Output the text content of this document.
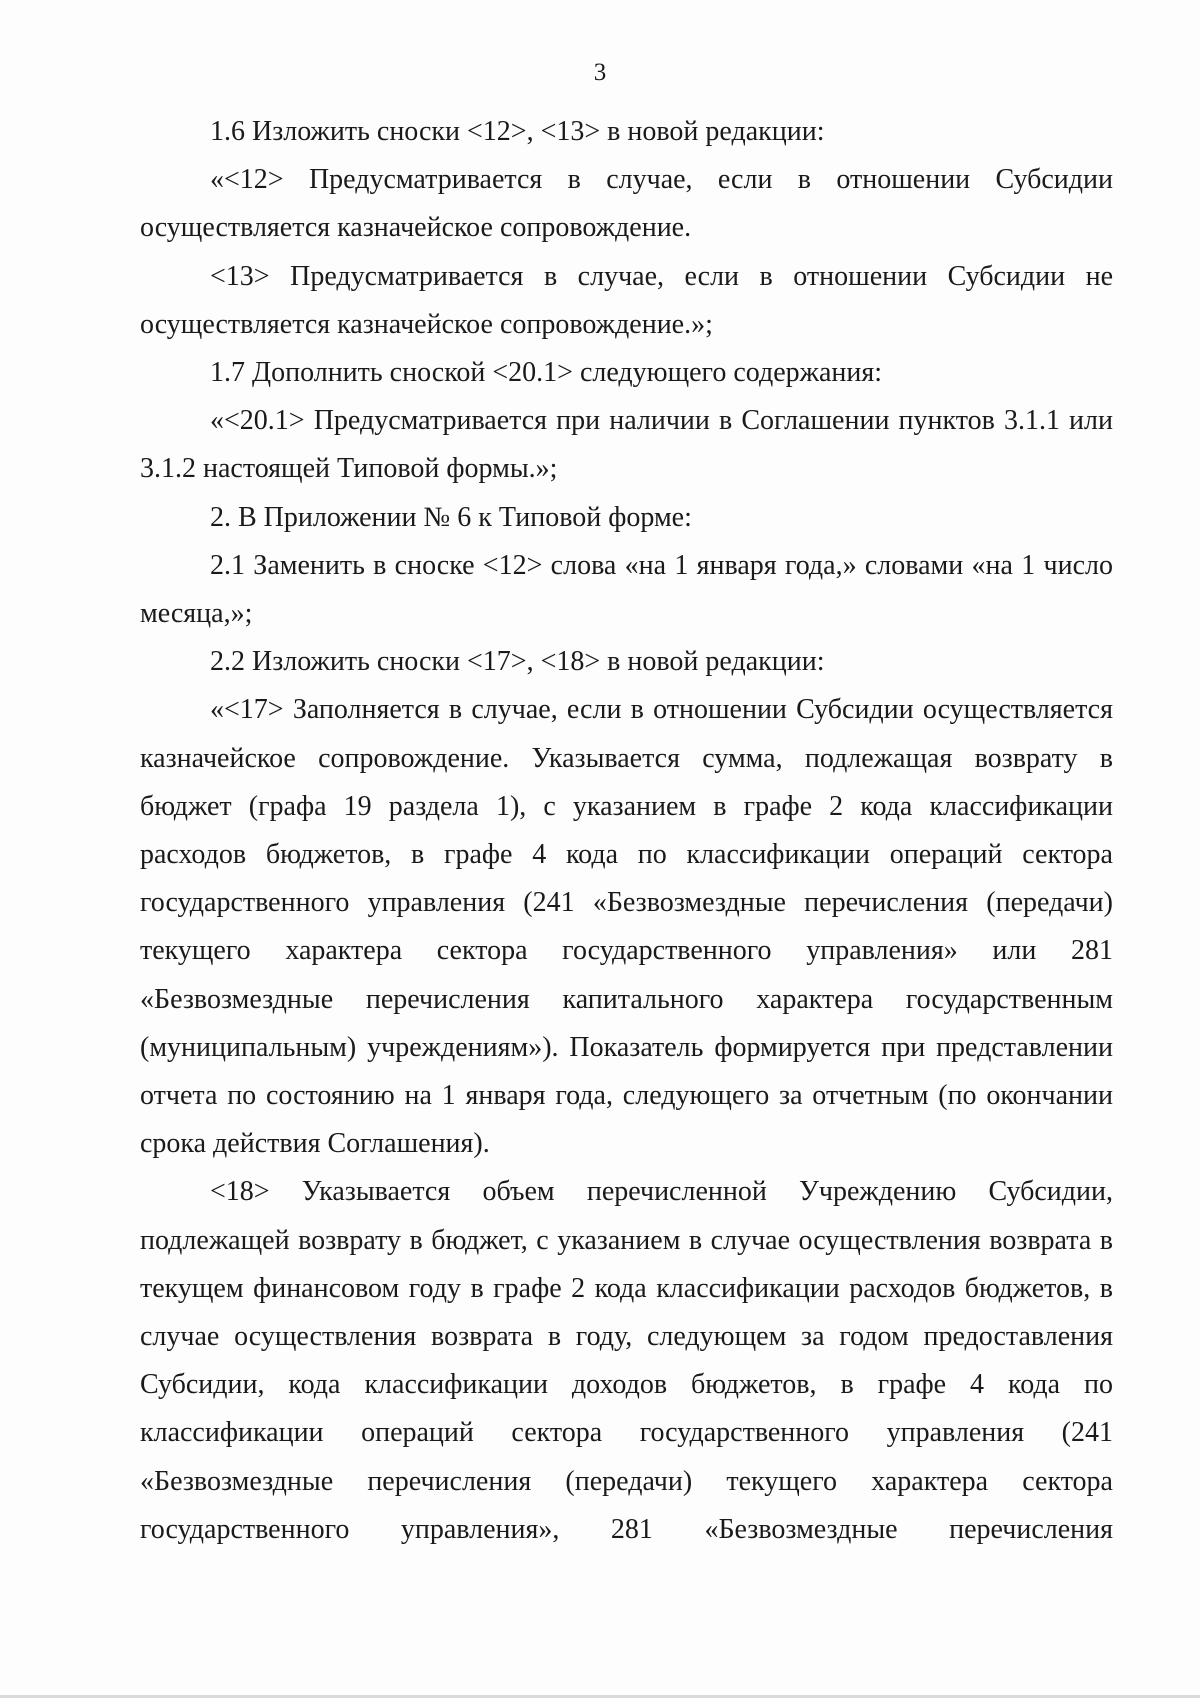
3

1.6 Изложить сноски <12>, <13> в новой редакции:

«<12> Предусматривается в случае, если в отношении Субсидии осуществляется казначейское сопровождение.

<13> Предусматривается в случае, если в отношении Субсидии не осуществляется казначейское сопровождение.»;

1.7 Дополнить сноской <20.1> следующего содержания:

«<20.1> Предусматривается при наличии в Соглашении пунктов 3.1.1 или 3.1.2 настоящей Типовой формы.»;

2. В Приложении № 6 к Типовой форме:

2.1 Заменить в сноске <12> слова «на 1 января года,» словами «на 1 число месяца,»;

2.2 Изложить сноски <17>, <18> в новой редакции:

«<17> Заполняется в случае, если в отношении Субсидии осуществляется казначейское сопровождение. Указывается сумма, подлежащая возврату в бюджет (графа 19 раздела 1), с указанием в графе 2 кода классификации расходов бюджетов, в графе 4 кода по классификации операций сектора государственного управления (241 «Безвозмездные перечисления (передачи) текущего характера сектора государственного управления» или 281 «Безвозмездные перечисления капитального характера государственным (муниципальным) учреждениям»). Показатель формируется при представлении отчета по состоянию на 1 января года, следующего за отчетным (по окончании срока действия Соглашения).

<18> Указывается объем перечисленной Учреждению Субсидии, подлежащей возврату в бюджет, с указанием в случае осуществления возврата в текущем финансовом году в графе 2 кода классификации расходов бюджетов, в случае осуществления возврата в году, следующем за годом предоставления Субсидии, кода классификации доходов бюджетов, в графе 4 кода по классификации операций сектора государственного управления (241 «Безвозмездные перечисления (передачи) текущего характера сектора государственного управления», 281 «Безвозмездные перечисления
